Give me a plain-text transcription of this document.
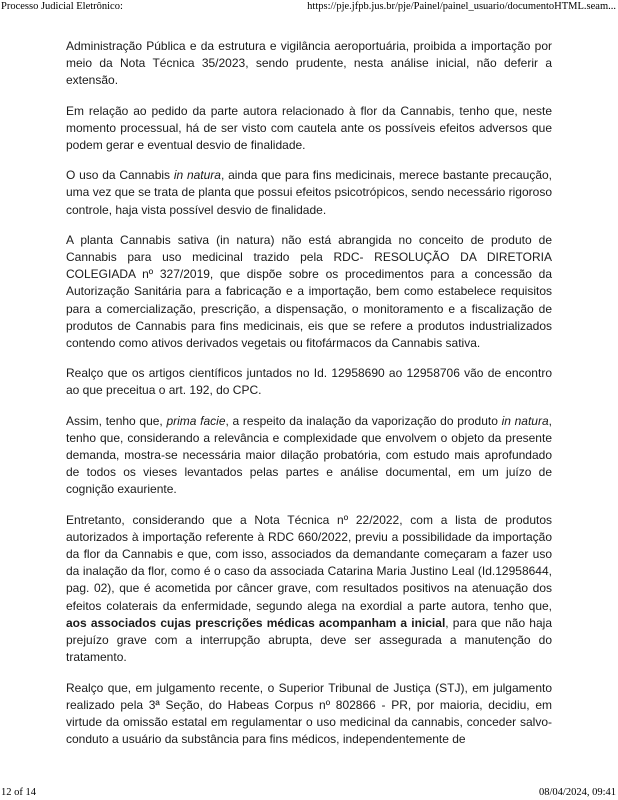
Processo Judicial Eletrônico:	https://pje.jfpb.jus.br/pje/Painel/painel_usuario/documentoHTML.seam...

Administração Pública e da estrutura e vigilância aeroportuária, proibida a importação por meio da Nota Técnica 35/2023, sendo prudente, nesta análise inicial, não deferir a extensão.

Em relação ao pedido da parte autora relacionado à flor da Cannabis, tenho que, neste momento processual, há de ser visto com cautela ante os possíveis efeitos adversos que podem gerar e eventual desvio de finalidade.

O uso da Cannabis in natura, ainda que para fins medicinais, merece bastante precaução, uma vez que se trata de planta que possui efeitos psicotrópicos, sendo necessário rigoroso controle, haja vista possível desvio de finalidade.

A planta Cannabis sativa (in natura) não está abrangida no conceito de produto de Cannabis para uso medicinal trazido pela RDC- RESOLUÇÃO DA DIRETORIA COLEGIADA nº 327/2019, que dispõe sobre os procedimentos para a concessão da Autorização Sanitária para a fabricação e a importação, bem como estabelece requisitos para a comercialização, prescrição, a dispensação, o monitoramento e a fiscalização de produtos de Cannabis para fins medicinais, eis que se refere a produtos industrializados contendo como ativos derivados vegetais ou fitofármacos da Cannabis sativa.

Realço que os artigos científicos juntados no Id. 12958690 ao 12958706 vão de encontro ao que preceitua o art. 192, do CPC.

Assim, tenho que, prima facie, a respeito da inalação da vaporização do produto in natura, tenho que, considerando a relevância e complexidade que envolvem o objeto da presente demanda, mostra-se necessária maior dilação probatória, com estudo mais aprofundado de todos os vieses levantados pelas partes e análise documental, em um juízo de cognição exauriente.

Entretanto, considerando que a Nota Técnica nº 22/2022, com a lista de produtos autorizados à importação referente à RDC 660/2022, previu a possibilidade da importação da flor da Cannabis e que, com isso, associados da demandante começaram a fazer uso da inalação da flor, como é o caso da associada Catarina Maria Justino Leal (Id.12958644, pag. 02), que é acometida por câncer grave, com resultados positivos na atenuação dos efeitos colaterais da enfermidade, segundo alega na exordial a parte autora, tenho que, aos associados cujas prescrições médicas acompanham a inicial, para que não haja prejuízo grave com a interrupção abrupta, deve ser assegurada a manutenção do tratamento.

Realço que, em julgamento recente, o Superior Tribunal de Justiça (STJ), em julgamento realizado pela 3ª Seção, do Habeas Corpus nº 802866 - PR, por maioria, decidiu, em virtude da omissão estatal em regulamentar o uso medicinal da cannabis, conceder salvo-conduto a usuário da substância para fins médicos, independentemente de

12 of 14	08/04/2024, 09:41
